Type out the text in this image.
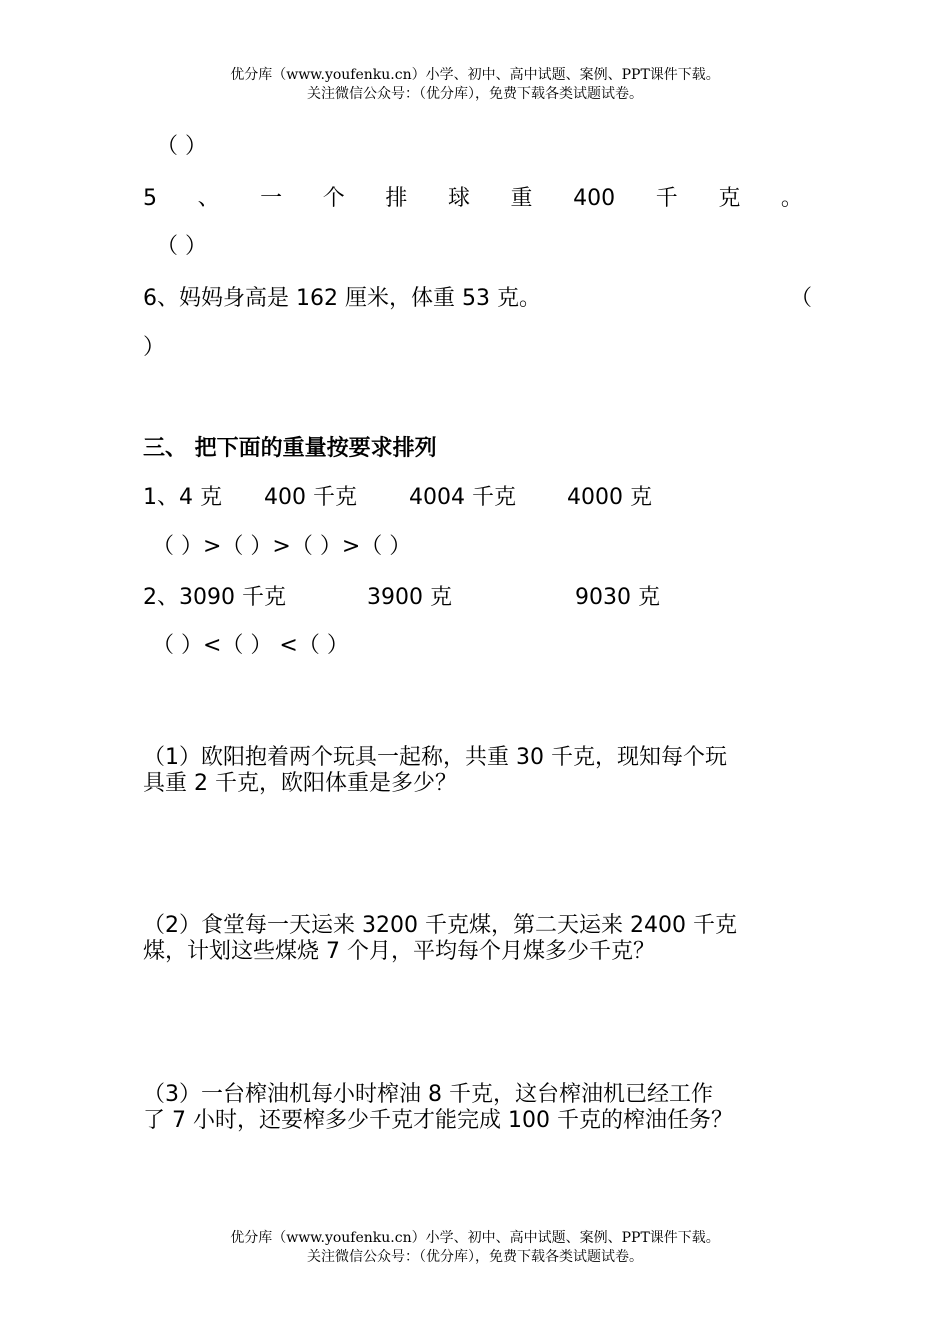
优分库（www.youfenku.cn）小学、初中、高中试题、案例、PPT课件下载。
关注微信公众号：（优分库），免费下载各类试题试卷。
（ ）
5 、 一 个 排 球 重 400 千 克 。
（ ）
6、妈妈身高是 162 厘米，体重 53 克。	（
）
三、 把下面的重量按要求排列
1、4 克 400 千克 4004 千克 4000 克
（ ）>（ ）>（ ）>（ ）
2、3090 千克	3900 克	9030 克
（ ）<（ ） <（ ）
（1）欧阳抱着两个玩具一起称，共重 30 千克，现知每个玩
具重 2 千克，欧阳体重是多少？
（2）食堂每一天运来 3200 千克煤，第二天运来 2400 千克
煤，计划这些煤烧 7 个月，平均每个月煤多少千克？
（3）一台榨油机每小时榨油 8 千克，这台榨油机已经工作
了 7 小时，还要榨多少千克才能完成 100 千克的榨油任务？
优分库（www.youfenku.cn）小学、初中、高中试题、案例、PPT课件下载。
关注微信公众号：（优分库），免费下载各类试题试卷。
